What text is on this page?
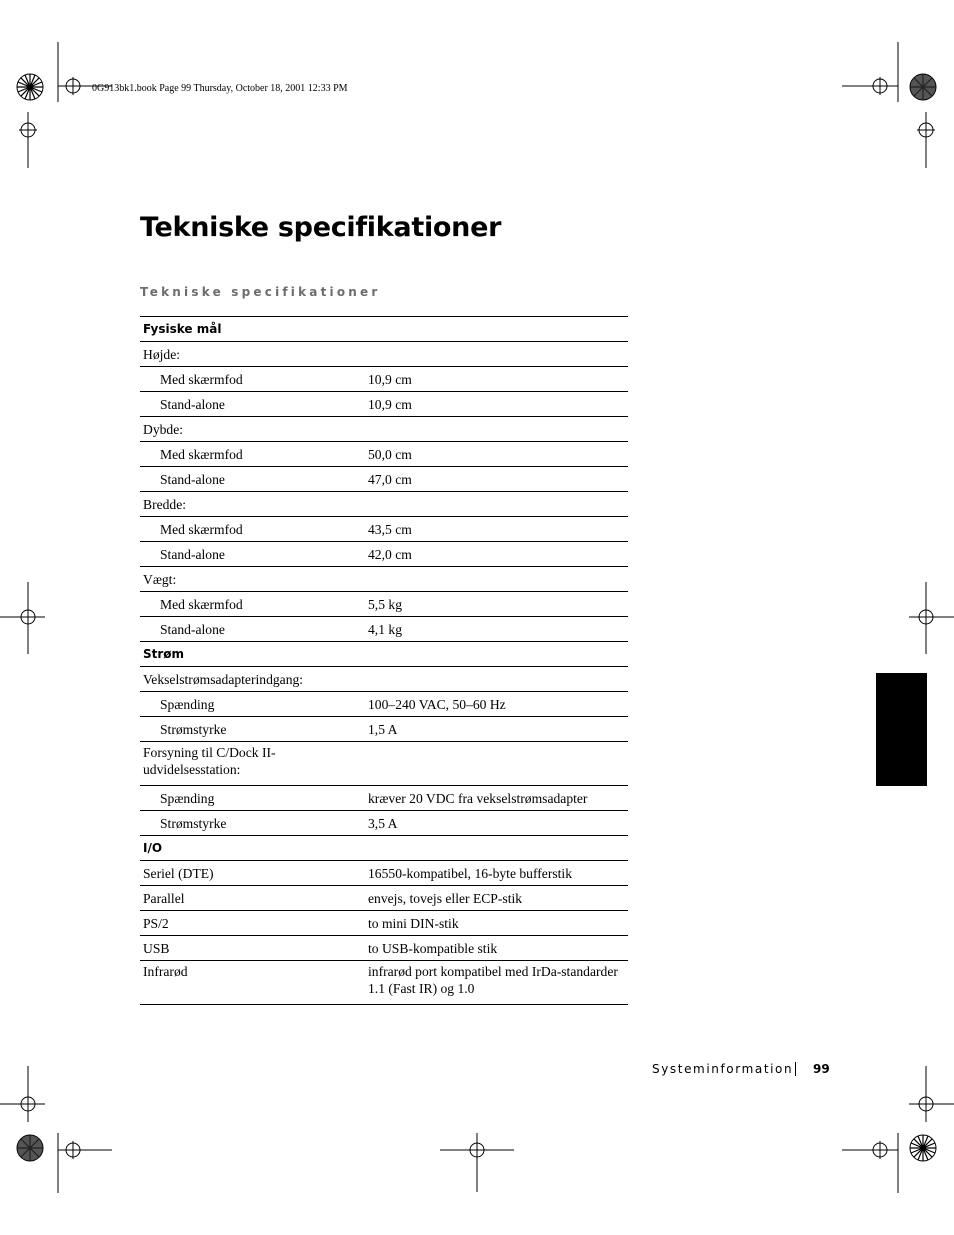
0G913bk1.book Page 99 Thursday, October 18, 2001 12:33 PM
Tekniske specifikationer
Tekniske specifikationer
Fysiske mål	
Højde:	
Med skærmfod	10,9 cm
Stand-alone	10,9 cm
Dybde:	
Med skærmfod	50,0 cm
Stand-alone	47,0 cm
Bredde:	
Med skærmfod	43,5 cm
Stand-alone	42,0 cm
Vægt:	
Med skærmfod	5,5 kg
Stand-alone	4,1 kg
Strøm	
Vekselstrømsadapterindgang:	
Spænding	100–240 VAC, 50–60 Hz
Strømstyrke	1,5 A
Forsyning til C/Dock II-udvidelsesstation:	
Spænding	kræver 20 VDC fra vekselstrømsadapter
Strømstyrke	3,5 A
I/O	
Seriel (DTE)	16550-kompatibel, 16-byte bufferstik
Parallel	envejs, tovejs eller ECP-stik
PS/2	to mini DIN-stik
USB	to USB-kompatible stik
Infrarød	infrarød port kompatibel med IrDa-standarder 1.1 (Fast IR) og 1.0
Systeminformation 99
